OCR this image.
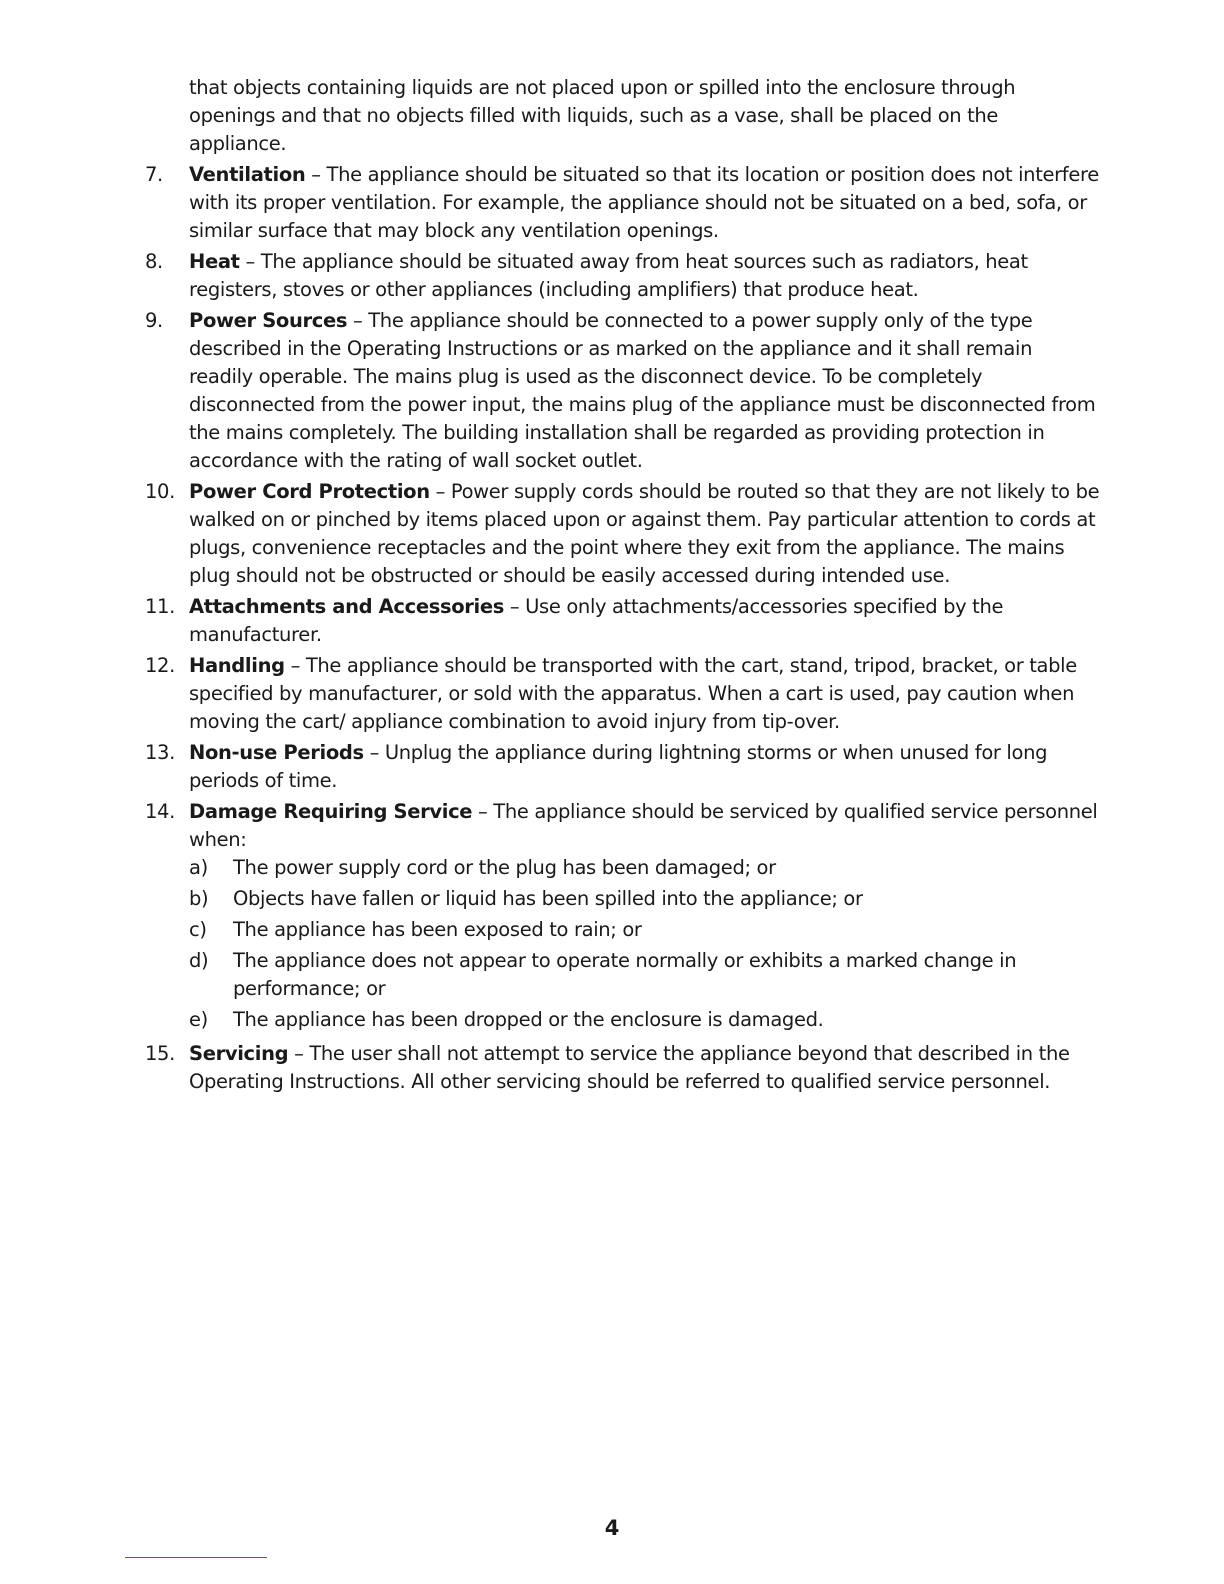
that objects containing liquids are not placed upon or spilled into the enclosure through openings and that no objects filled with liquids, such as a vase, shall be placed on the appliance.

7.	Ventilation – The appliance should be situated so that its location or position does not interfere with its proper ventilation. For example, the appliance should not be situated on a bed, sofa, or similar surface that may block any ventilation openings.
8.	Heat – The appliance should be situated away from heat sources such as radiators, heat registers, stoves or other appliances (including amplifiers) that produce heat.
9.	Power Sources – The appliance should be connected to a power supply only of the type described in the Operating Instructions or as marked on the appliance and it shall remain readily operable. The mains plug is used as the disconnect device. To be completely disconnected from the power input, the mains plug of the appliance must be disconnected from the mains completely. The building installation shall be regarded as providing protection in accordance with the rating of wall socket outlet.
10. Power Cord Protection – Power supply cords should be routed so that they are not likely to be walked on or pinched by items placed upon or against them. Pay particular attention to cords at plugs, convenience receptacles and the point where they exit from the appliance. The mains plug should not be obstructed or should be easily accessed during intended use.
11. Attachments and Accessories – Use only attachments/accessories specified by the manufacturer.
12. Handling – The appliance should be transported with the cart, stand, tripod, bracket, or table specified by manufacturer, or sold with the apparatus. When a cart is used, pay caution when moving the cart/ appliance combination to avoid injury from tip-over.
13. Non-use Periods – Unplug the appliance during lightning storms or when unused for long periods of time.
14. Damage Requiring Service – The appliance should be serviced by qualified service personnel when:
a)	The power supply cord or the plug has been damaged; or
b)	Objects have fallen or liquid has been spilled into the appliance; or
c)	The appliance has been exposed to rain; or
d)	The appliance does not appear to operate normally or exhibits a marked change in performance; or
e)	The appliance has been dropped or the enclosure is damaged.
15. Servicing – The user shall not attempt to service the appliance beyond that described in the Operating Instructions. All other servicing should be referred to qualified service personnel.
4
